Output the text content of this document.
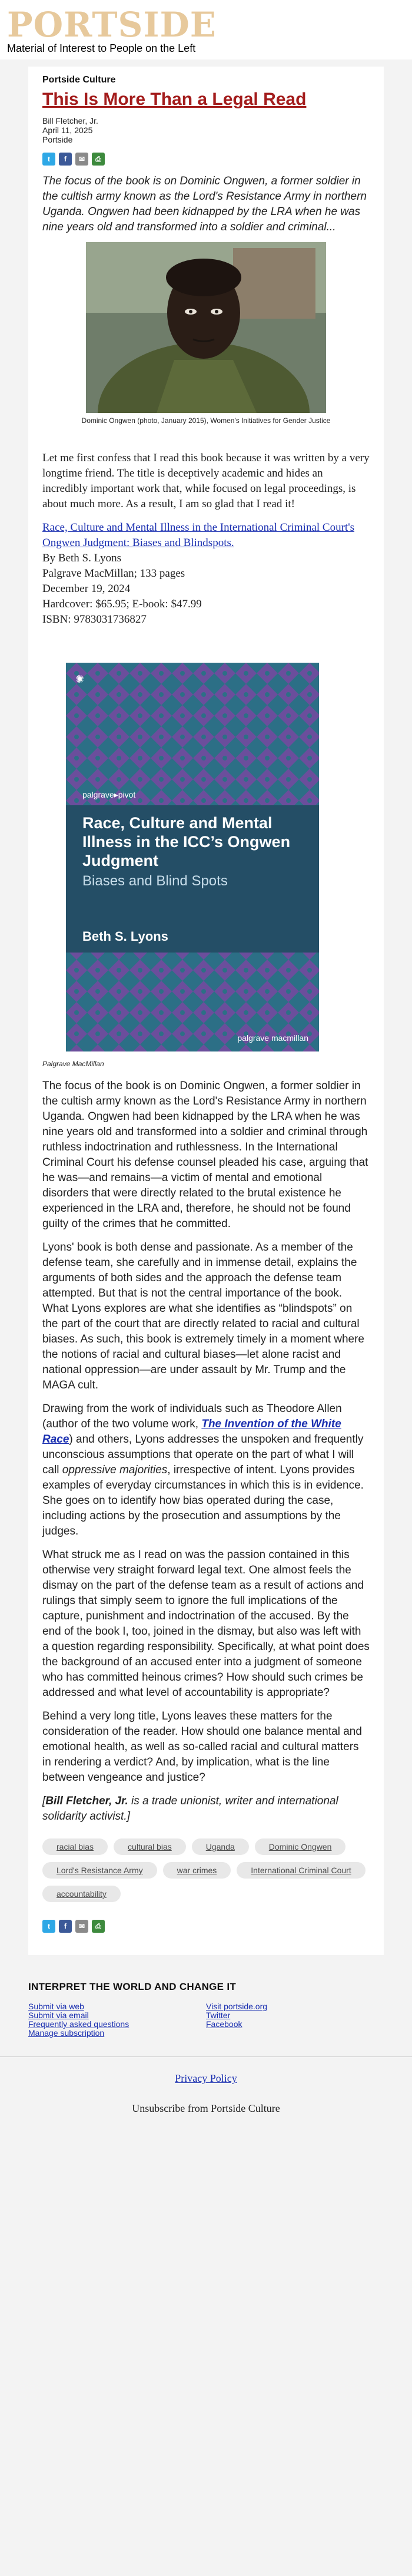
PORTSIDE
Material of Interest to People on the Left
Portside Culture
This Is More Than a Legal Read
Bill Fletcher, Jr.
April 11, 2025
Portside
t	f	✉	⎙
The focus of the book is on Dominic Ongwen, a former soldier in the cultish army known as the Lord's Resistance Army in northern Uganda. Ongwen had been kidnapped by the LRA when he was nine years old and transformed into a soldier and criminal...
Dominic Ongwen (photo, January 2015), Women's Initiatives for Gender Justice
Let me first confess that I read this book because it was written by a very longtime friend. The title is deceptively academic and hides an incredibly important work that, while focused on legal proceedings, is about much more. As a result, I am so glad that I read it!
Race, Culture and Mental Illness in the International Criminal Court's Ongwen Judgment: Biases and Blindspots.
By Beth S. Lyons
Palgrave MacMillan; 133 pages
December 19, 2024
Hardcover: $65.95; E-book: $47.99
ISBN: 9783031736827
✺
palgrave▸pivot
Race, Culture and Mental Illness in the ICC’s Ongwen Judgment
Biases and Blind Spots
Beth S. Lyons
palgrave macmillan
Palgrave MacMillan
The focus of the book is on Dominic Ongwen, a former soldier in the cultish army known as the Lord's Resistance Army in northern Uganda. Ongwen had been kidnapped by the LRA when he was nine years old and transformed into a soldier and criminal through ruthless indoctrination and ruthlessness. In the International Criminal Court his defense counsel pleaded his case, arguing that he was—and remains—a victim of mental and emotional disorders that were directly related to the brutal existence he experienced in the LRA and, therefore, he should not be found guilty of the crimes that he committed.
Lyons' book is both dense and passionate. As a member of the defense team, she carefully and in immense detail, explains the arguments of both sides and the approach the defense team attempted. But that is not the central importance of the book. What Lyons explores are what she identifies as “blindspots” on the part of the court that are directly related to racial and cultural biases. As such, this book is extremely timely in a moment where the notions of racial and cultural biases—let alone racist and national oppression—are under assault by Mr. Trump and the MAGA cult.
Drawing from the work of individuals such as Theodore Allen (author of the two volume work, The Invention of the White Race) and others, Lyons addresses the unspoken and frequently unconscious assumptions that operate on the part of what I will call oppressive majorities, irrespective of intent. Lyons provides examples of everyday circumstances in which this is in evidence. She goes on to identify how bias operated during the case, including actions by the prosecution and assumptions by the judges.
What struck me as I read on was the passion contained in this otherwise very straight forward legal text. One almost feels the dismay on the part of the defense team as a result of actions and rulings that simply seem to ignore the full implications of the capture, punishment and indoctrination of the accused. By the end of the book I, too, joined in the dismay, but also was left with a question regarding responsibility. Specifically, at what point does the background of an accused enter into a judgment of someone who has committed heinous crimes? How should such crimes be addressed and what level of accountability is appropriate?
Behind a very long title, Lyons leaves these matters for the consideration of the reader. How should one balance mental and emotional health, as well as so-called racial and cultural matters in rendering a verdict? And, by implication, what is the line between vengeance and justice?
[Bill Fletcher, Jr. is a trade unionist, writer and international solidarity activist.]
racial bias	cultural bias	Uganda	Dominic Ongwen
Lord's Resistance Army	war crimes	International Criminal Court
accountability
t	f	✉	⎙
INTERPRET THE WORLD AND CHANGE IT
Submit via web
Submit via email
Frequently asked questions
Manage subscription
Visit portside.org
Twitter
Facebook
Privacy Policy
Unsubscribe from Portside Culture
